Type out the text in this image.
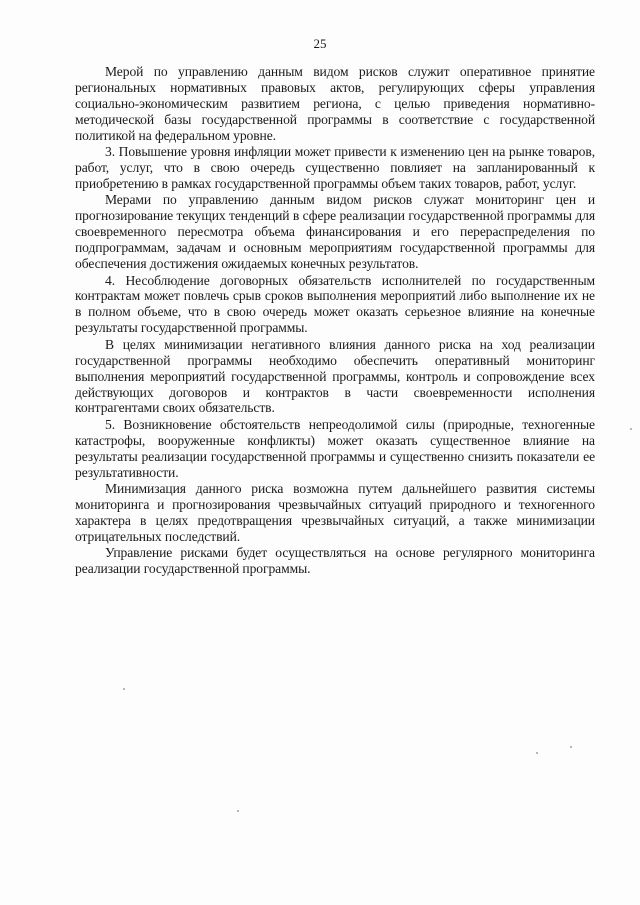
25

Мерой по управлению данным видом рисков служит оперативное принятие региональных нормативных правовых актов, регулирующих сферы управления социально-экономическим развитием региона, с целью приведения нормативно-методической базы государственной программы в соответствие с государственной политикой на федеральном уровне.

3. Повышение уровня инфляции может привести к изменению цен на рынке товаров, работ, услуг, что в свою очередь существенно повлияет на запланированный к приобретению в рамках государственной программы объем таких товаров, работ, услуг.

Мерами по управлению данным видом рисков служат мониторинг цен и прогнозирование текущих тенденций в сфере реализации государственной программы для своевременного пересмотра объема финансирования и его перераспределения по подпрограммам, задачам и основным мероприятиям государственной программы для обеспечения достижения ожидаемых конечных результатов.

4. Несоблюдение договорных обязательств исполнителей по государственным контрактам может повлечь срыв сроков выполнения мероприятий либо выполнение их не в полном объеме, что в свою очередь может оказать серьезное влияние на конечные результаты государственной программы.

В целях минимизации негативного влияния данного риска на ход реализации государственной программы необходимо обеспечить оперативный мониторинг выполнения мероприятий государственной программы, контроль и сопровождение всех действующих договоров и контрактов в части своевременности исполнения контрагентами своих обязательств.

5. Возникновение обстоятельств непреодолимой силы (природные, техногенные катастрофы, вооруженные конфликты) может оказать существенное влияние на результаты реализации государственной программы и существенно снизить показатели ее результативности.

Минимизация данного риска возможна путем дальнейшего развития системы мониторинга и прогнозирования чрезвычайных ситуаций природного и техногенного характера в целях предотвращения чрезвычайных ситуаций, а также минимизации отрицательных последствий.

Управление рисками будет осуществляться на основе регулярного мониторинга реализации государственной программы.
